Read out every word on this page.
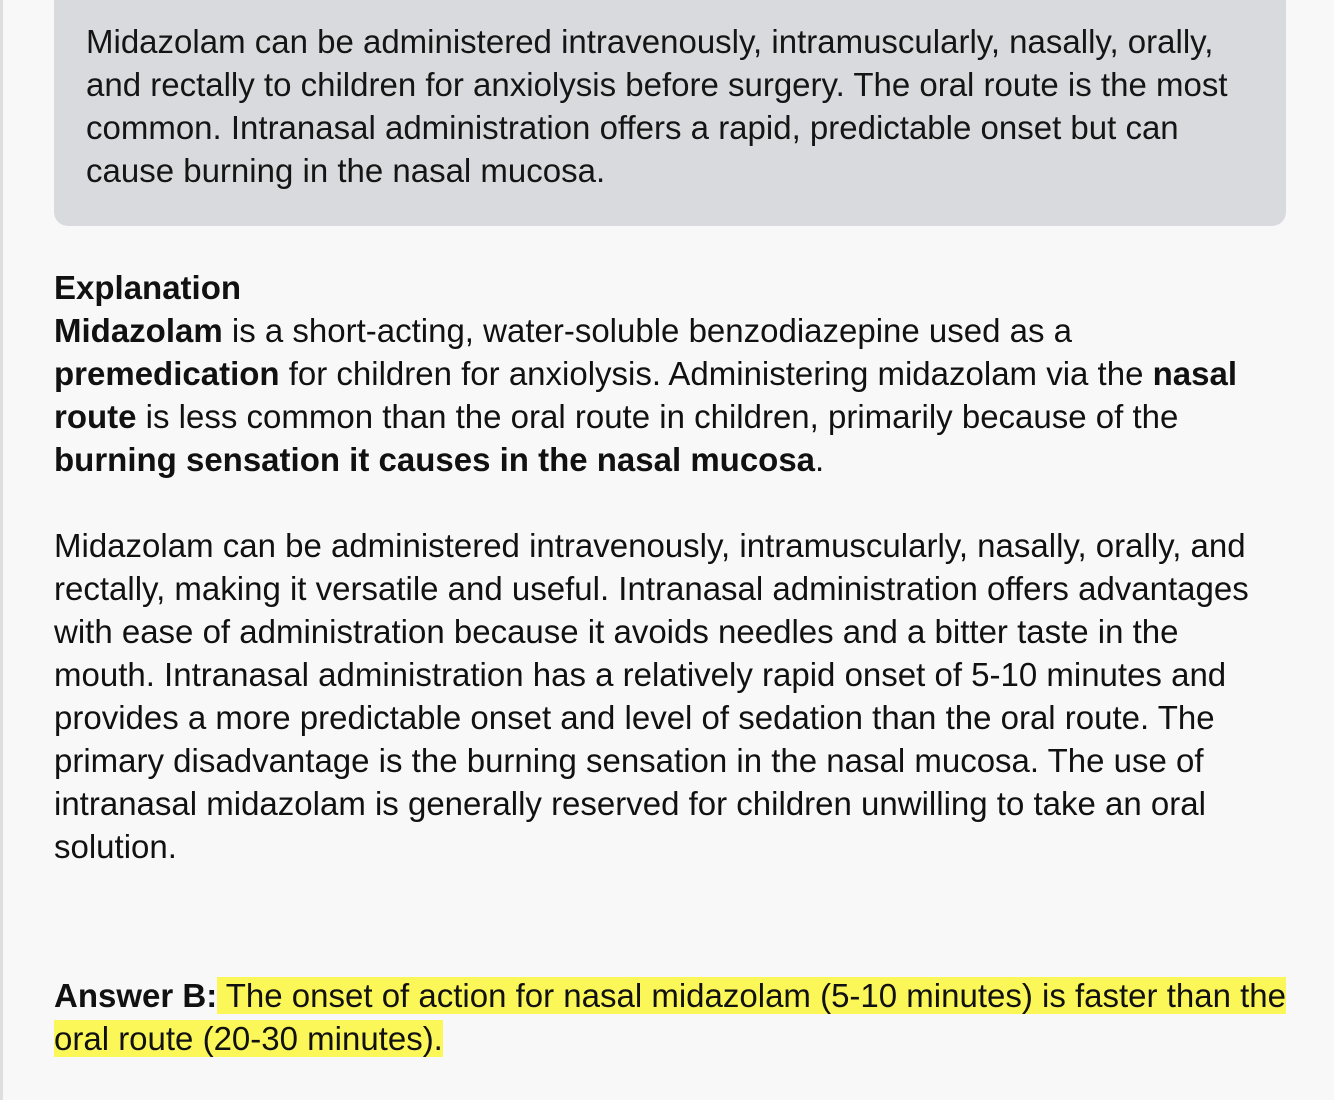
Midazolam can be administered intravenously, intramuscularly, nasally, orally, and rectally to children for anxiolysis before surgery. The oral route is the most common. Intranasal administration offers a rapid, predictable onset but can cause burning in the nasal mucosa.
Explanation
Midazolam is a short-acting, water-soluble benzodiazepine used as a premedication for children for anxiolysis. Administering midazolam via the nasal route is less common than the oral route in children, primarily because of the burning sensation it causes in the nasal mucosa.
Midazolam can be administered intravenously, intramuscularly, nasally, orally, and rectally, making it versatile and useful. Intranasal administration offers advantages with ease of administration because it avoids needles and a bitter taste in the mouth. Intranasal administration has a relatively rapid onset of 5-10 minutes and provides a more predictable onset and level of sedation than the oral route. The primary disadvantage is the burning sensation in the nasal mucosa. The use of intranasal midazolam is generally reserved for children unwilling to take an oral solution.
Answer B: The onset of action for nasal midazolam (5-10 minutes) is faster than the oral route (20-30 minutes).
